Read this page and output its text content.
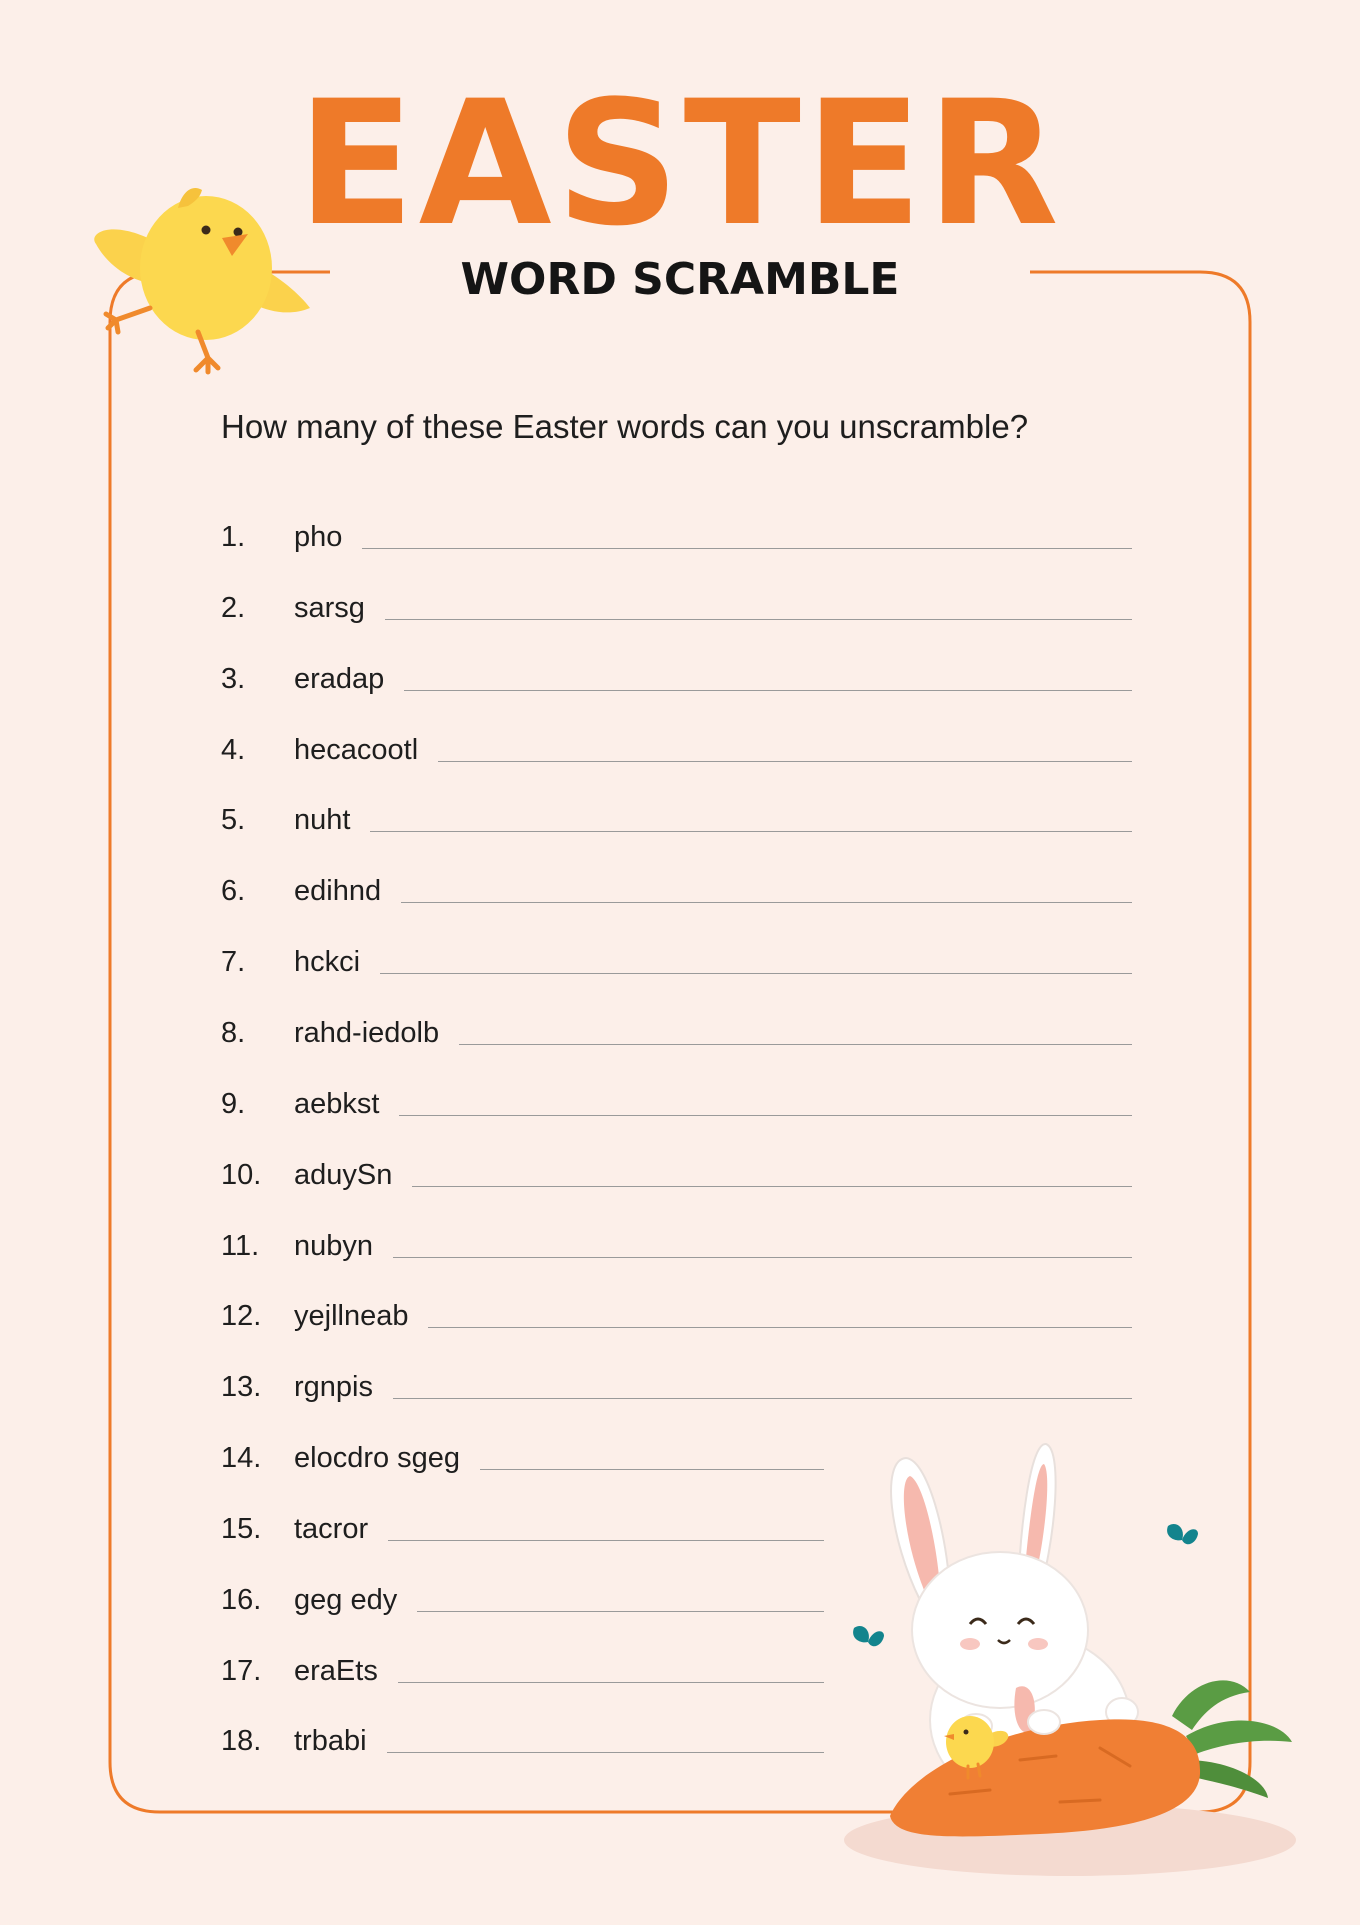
EASTER
WORD SCRAMBLE
How many of these Easter words can you unscramble?
1. pho
2. sarsg
3. eradap
4. hecacootl
5. nuht
6. edihnd
7. hckci
8. rahd-iedolb
9. aebkst
10. aduySn
11. nubyn
12. yejllneab
13. rgnpis
14. elocdro sgeg
15. tacror
16. geg edy
17. eraEts
18. trbabi
